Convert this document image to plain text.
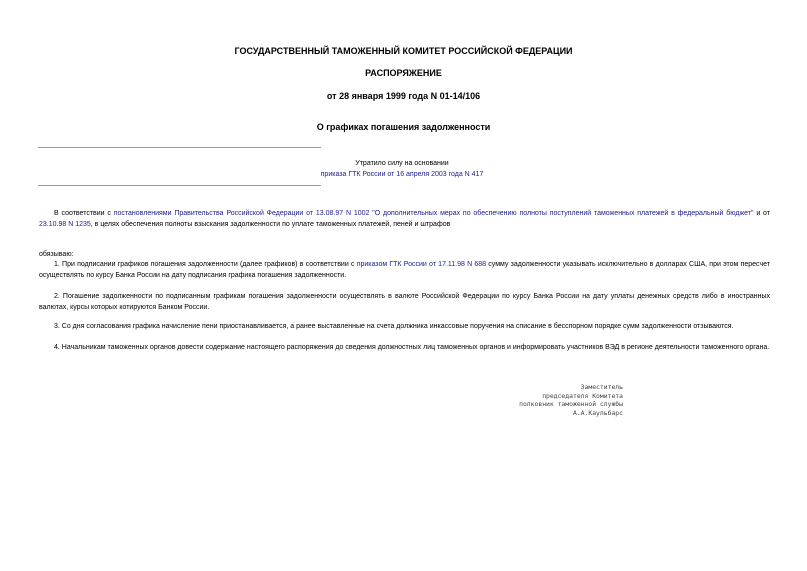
ГОСУДАРСТВЕННЫЙ ТАМОЖЕННЫЙ КОМИТЕТ РОССИЙСКОЙ ФЕДЕРАЦИИ
РАСПОРЯЖЕНИЕ
от 28 января 1999 года N 01-14/106
О графиках погашения задолженности
Утратило силу на основании
приказа ГТК России от 16 апреля 2003 года N 417
В соответствии с постановлениями Правительства Российской Федерации от 13.08.97 N 1002 "О дополнительных мерах по обеспечению полноты поступлений таможенных платежей в федеральный бюджет" и от 23.10.98 N 1235, в целях обеспечения полноты взыскания задолженности по уплате таможенных платежей, пеней и штрафов
обязываю:
1. При подписании графиков погашения задолженности (далее графиков) в соответствии с приказом ГТК России от 17.11.98 N 688 сумму задолженности указывать исключительно в долларах США, при этом пересчет осуществлять по курсу Банка России на дату подписания графика погашения задолженности.
2. Погашение задолженности по подписанным графикам погашения задолженности осуществлять в валюте Российской Федерации по курсу Банка России на дату уплаты денежных средств либо в иностранных валютах, курсы которых котируются Банком России.
3. Со дня согласования графика начисление пени приостанавливается, а ранее выставленные на счета должника инкассовые поручения на списание в бесспорном порядке сумм задолженности отзываются.
4. Начальникам таможенных органов довести содержание настоящего распоряжения до сведения должностных лиц таможенных органов и информировать участников ВЭД в регионе деятельности таможенного органа.
Заместитель
председателя Комитета
полковник таможенной службы
А.А.Каульбарс
